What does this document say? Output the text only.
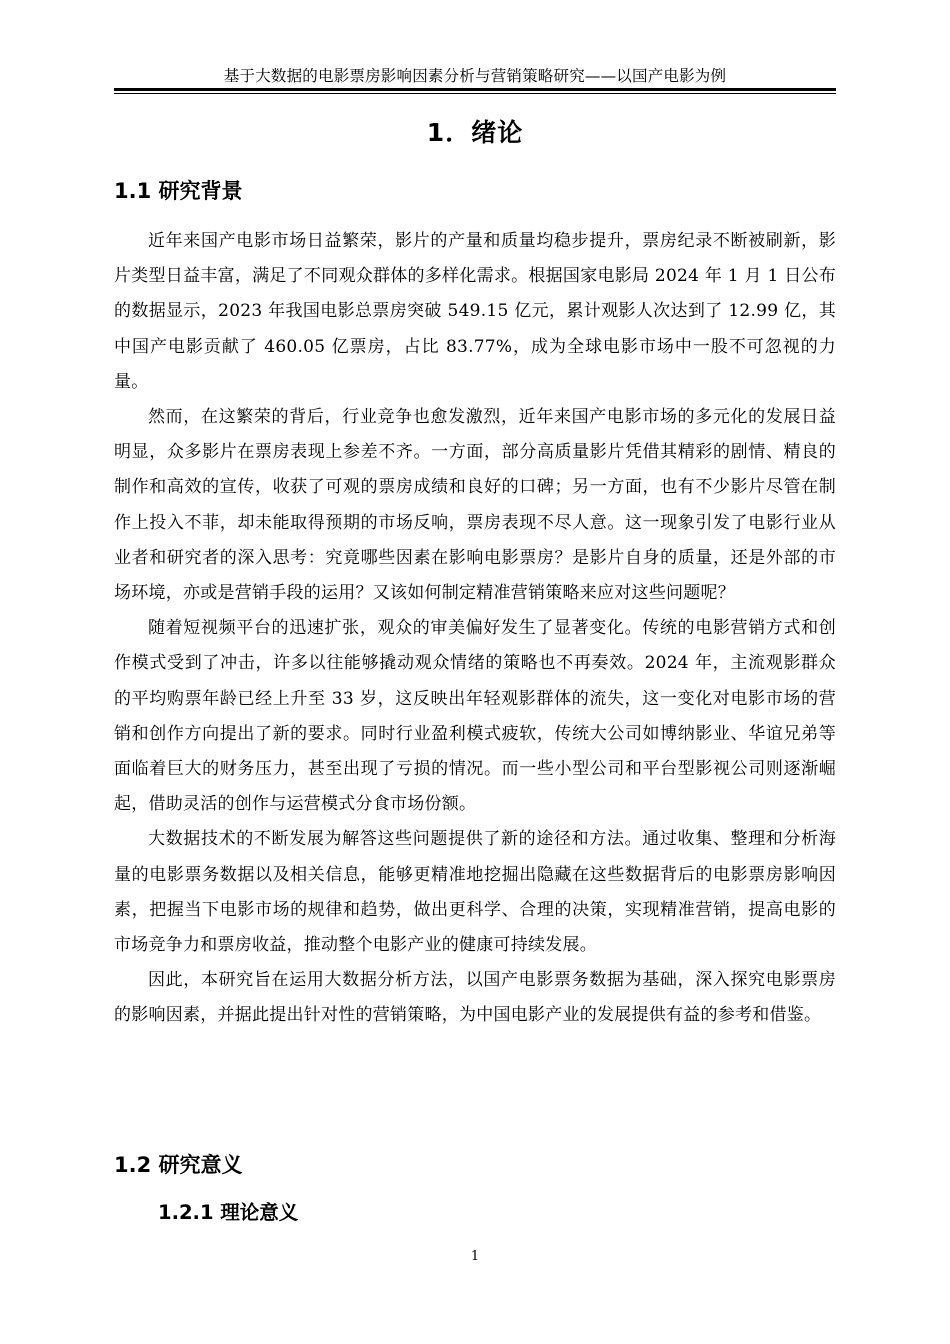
基于大数据的电影票房影响因素分析与营销策略研究——以国产电影为例
1．绪论
1.1 研究背景

近年来国产电影市场日益繁荣，影片的产量和质量均稳步提升，票房纪录不断被刷新，影片类型日益丰富，满足了不同观众群体的多样化需求。根据国家电影局 2024 年 1 月 1 日公布的数据显示，2023 年我国电影总票房突破 549.15 亿元，累计观影人次达到了 12.99 亿，其中国产电影贡献了 460.05 亿票房，占比 83.77%，成为全球电影市场中一股不可忽视的力量。

然而，在这繁荣的背后，行业竞争也愈发激烈，近年来国产电影市场的多元化的发展日益明显，众多影片在票房表现上参差不齐。一方面，部分高质量影片凭借其精彩的剧情、精良的制作和高效的宣传，收获了可观的票房成绩和良好的口碑；另一方面，也有不少影片尽管在制作上投入不菲，却未能取得预期的市场反响，票房表现不尽人意。这一现象引发了电影行业从业者和研究者的深入思考：究竟哪些因素在影响电影票房？是影片自身的质量，还是外部的市场环境，亦或是营销手段的运用？又该如何制定精准营销策略来应对这些问题呢？

随着短视频平台的迅速扩张，观众的审美偏好发生了显著变化。传统的电影营销方式和创作模式受到了冲击，许多以往能够撬动观众情绪的策略也不再奏效。2024 年，主流观影群众的平均购票年龄已经上升至 33 岁，这反映出年轻观影群体的流失，这一变化对电影市场的营销和创作方向提出了新的要求。同时行业盈利模式疲软，传统大公司如博纳影业、华谊兄弟等面临着巨大的财务压力，甚至出现了亏损的情况。而一些小型公司和平台型影视公司则逐渐崛起，借助灵活的创作与运营模式分食市场份额。

大数据技术的不断发展为解答这些问题提供了新的途径和方法。通过收集、整理和分析海量的电影票务数据以及相关信息，能够更精准地挖掘出隐藏在这些数据背后的电影票房影响因素，把握当下电影市场的规律和趋势，做出更科学、合理的决策，实现精准营销，提高电影的市场竞争力和票房收益，推动整个电影产业的健康可持续发展。

因此，本研究旨在运用大数据分析方法，以国产电影票务数据为基础，深入探究电影票房的影响因素，并据此提出针对性的营销策略，为中国电影产业的发展提供有益的参考和借鉴。

1.2 研究意义
1.2.1 理论意义
1
